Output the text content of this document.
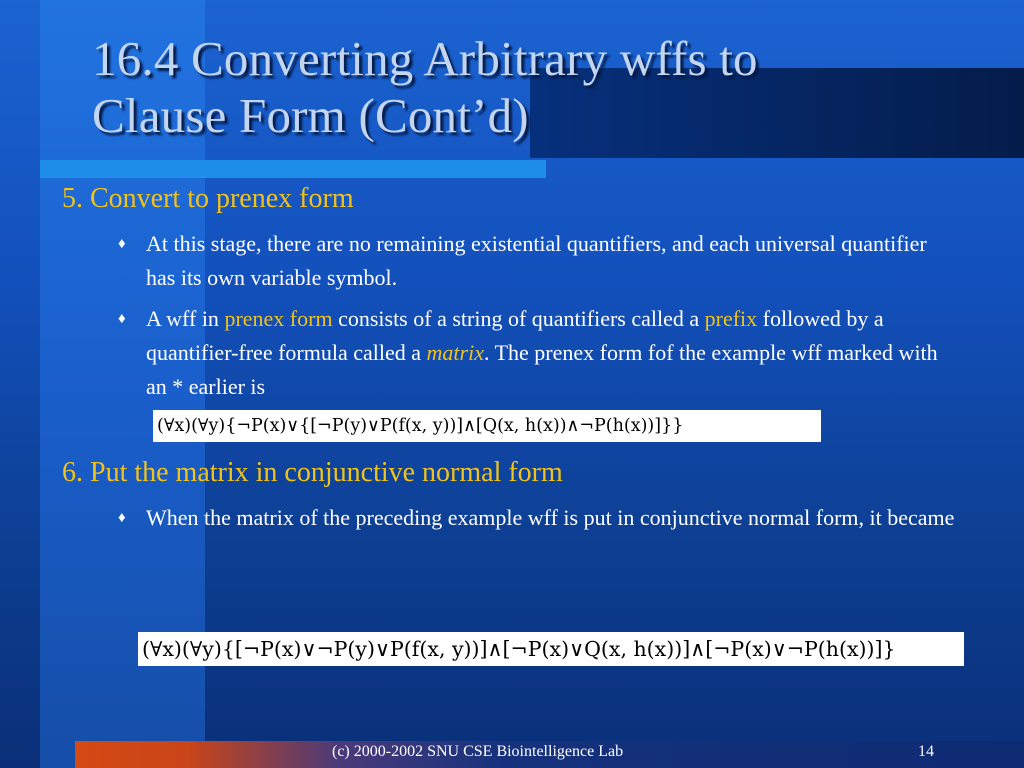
16.4 Converting Arbitrary wffs to
Clause Form (Cont’d)
5. Convert to prenex form
♦ At this stage, there are no remaining existential quantifiers, and each universal quantifier has its own variable symbol.
♦ A wff in prenex form consists of a string of quantifiers called a prefix followed by a quantifier-free formula called a matrix. The prenex form fof the example wff marked with an * earlier is
(∀x)(∀y){¬P(x)∨{[¬P(y)∨P(f(x, y))]∧[Q(x, h(x))∧¬P(h(x))]}}
6. Put the matrix in conjunctive normal form
♦ When the matrix of the preceding example wff is put in conjunctive normal form, it became
(∀x)(∀y){[¬P(x)∨¬P(y)∨P(f(x, y))]∧[¬P(x)∨Q(x, h(x))]∧[¬P(x)∨¬P(h(x))]}
(c) 2000-2002 SNU CSE Biointelligence Lab	14
